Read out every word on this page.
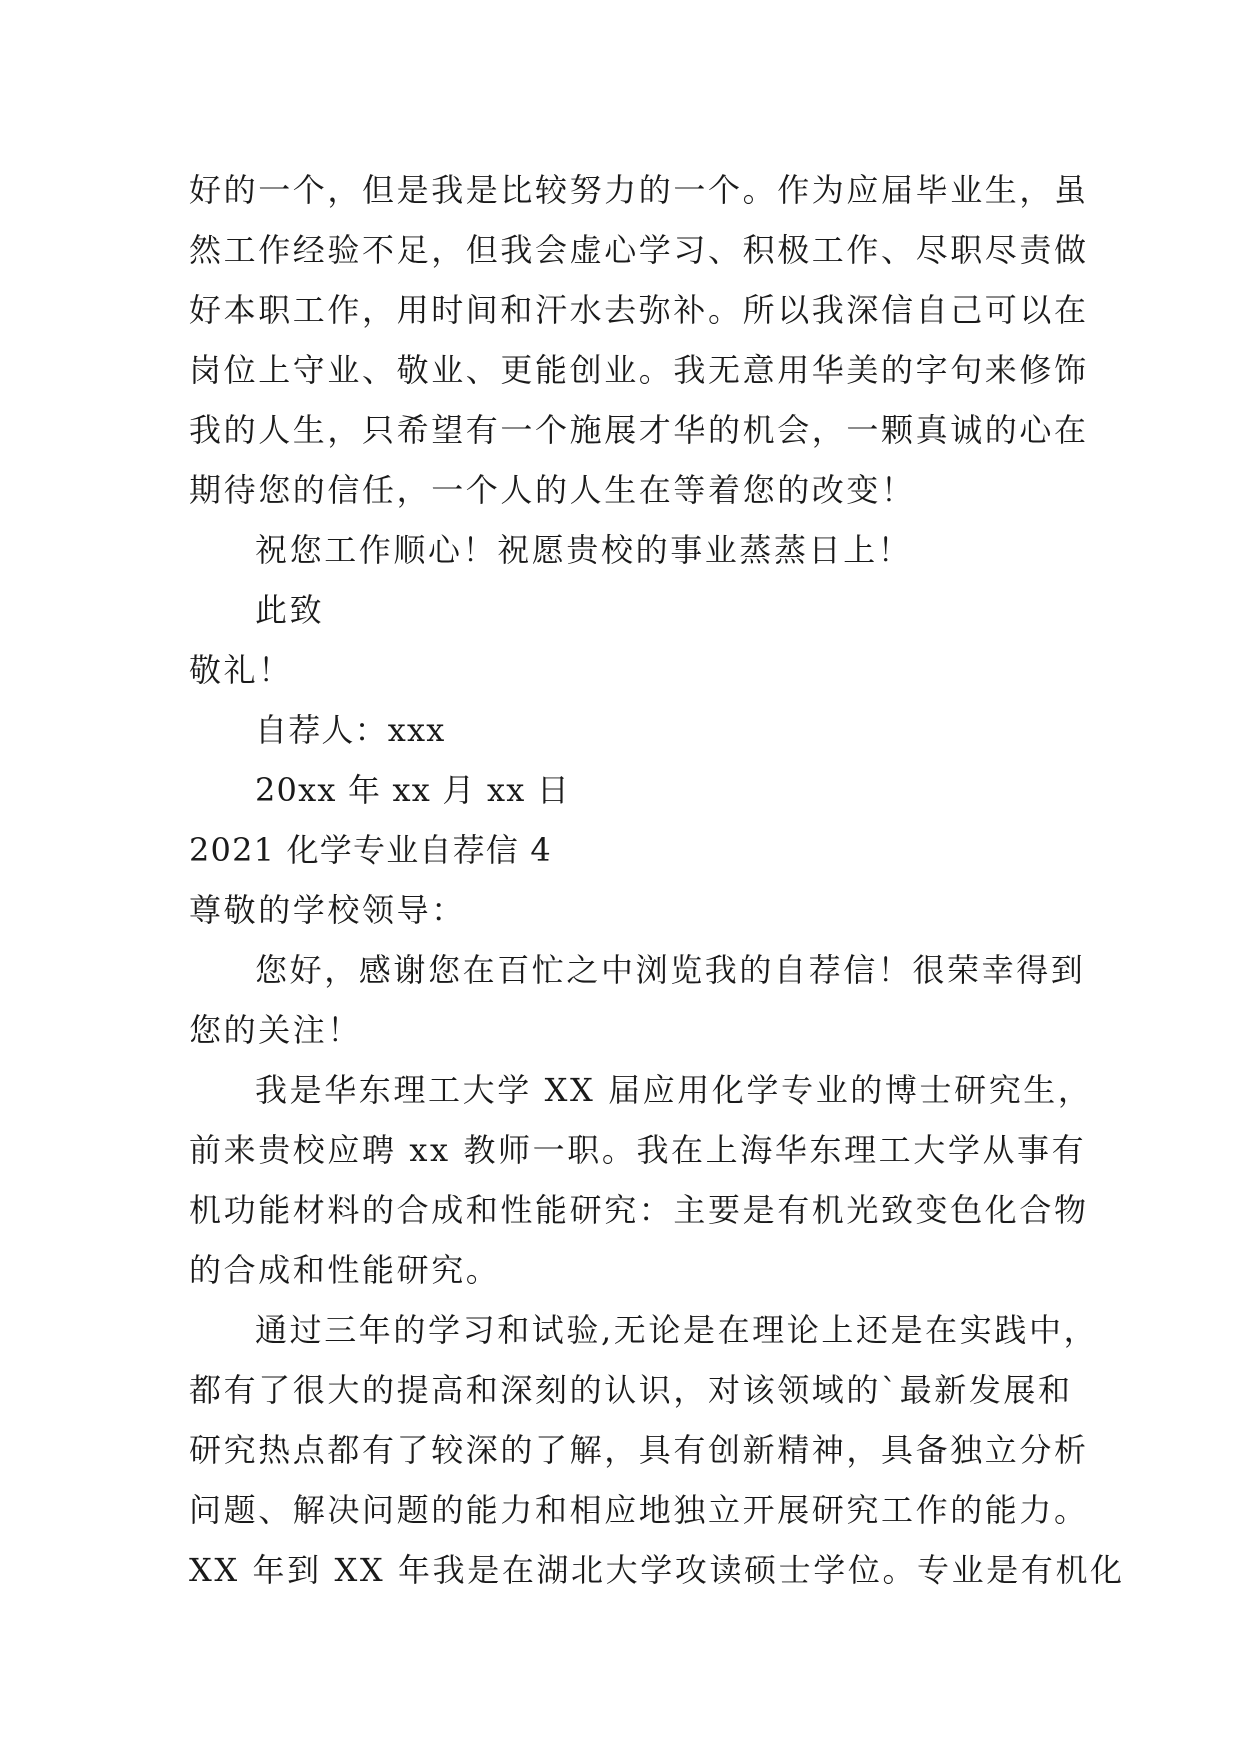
好的一个，但是我是比较努力的一个。作为应届毕业生，虽
然工作经验不足，但我会虚心学习、积极工作、尽职尽责做
好本职工作，用时间和汗水去弥补。所以我深信自己可以在
岗位上守业、敬业、更能创业。我无意用华美的字句来修饰
我的人生，只希望有一个施展才华的机会，一颗真诚的心在
期待您的信任，一个人的人生在等着您的改变！
祝您工作顺心！祝愿贵校的事业蒸蒸日上！
此致
敬礼！
自荐人：xxx
20xx 年 xx 月 xx 日
2021 化学专业自荐信 4
尊敬的学校领导：
您好，感谢您在百忙之中浏览我的自荐信！很荣幸得到
您的关注！
我是华东理工大学 XX 届应用化学专业的博士研究生，
前来贵校应聘 xx 教师一职。我在上海华东理工大学从事有
机功能材料的合成和性能研究：主要是有机光致变色化合物
的合成和性能研究。
通过三年的学习和试验,无论是在理论上还是在实践中，
都有了很大的提高和深刻的认识，对该领域的`最新发展和
研究热点都有了较深的了解，具有创新精神，具备独立分析
问题、解决问题的能力和相应地独立开展研究工作的能力。
XX 年到 XX 年我是在湖北大学攻读硕士学位。专业是有机化
